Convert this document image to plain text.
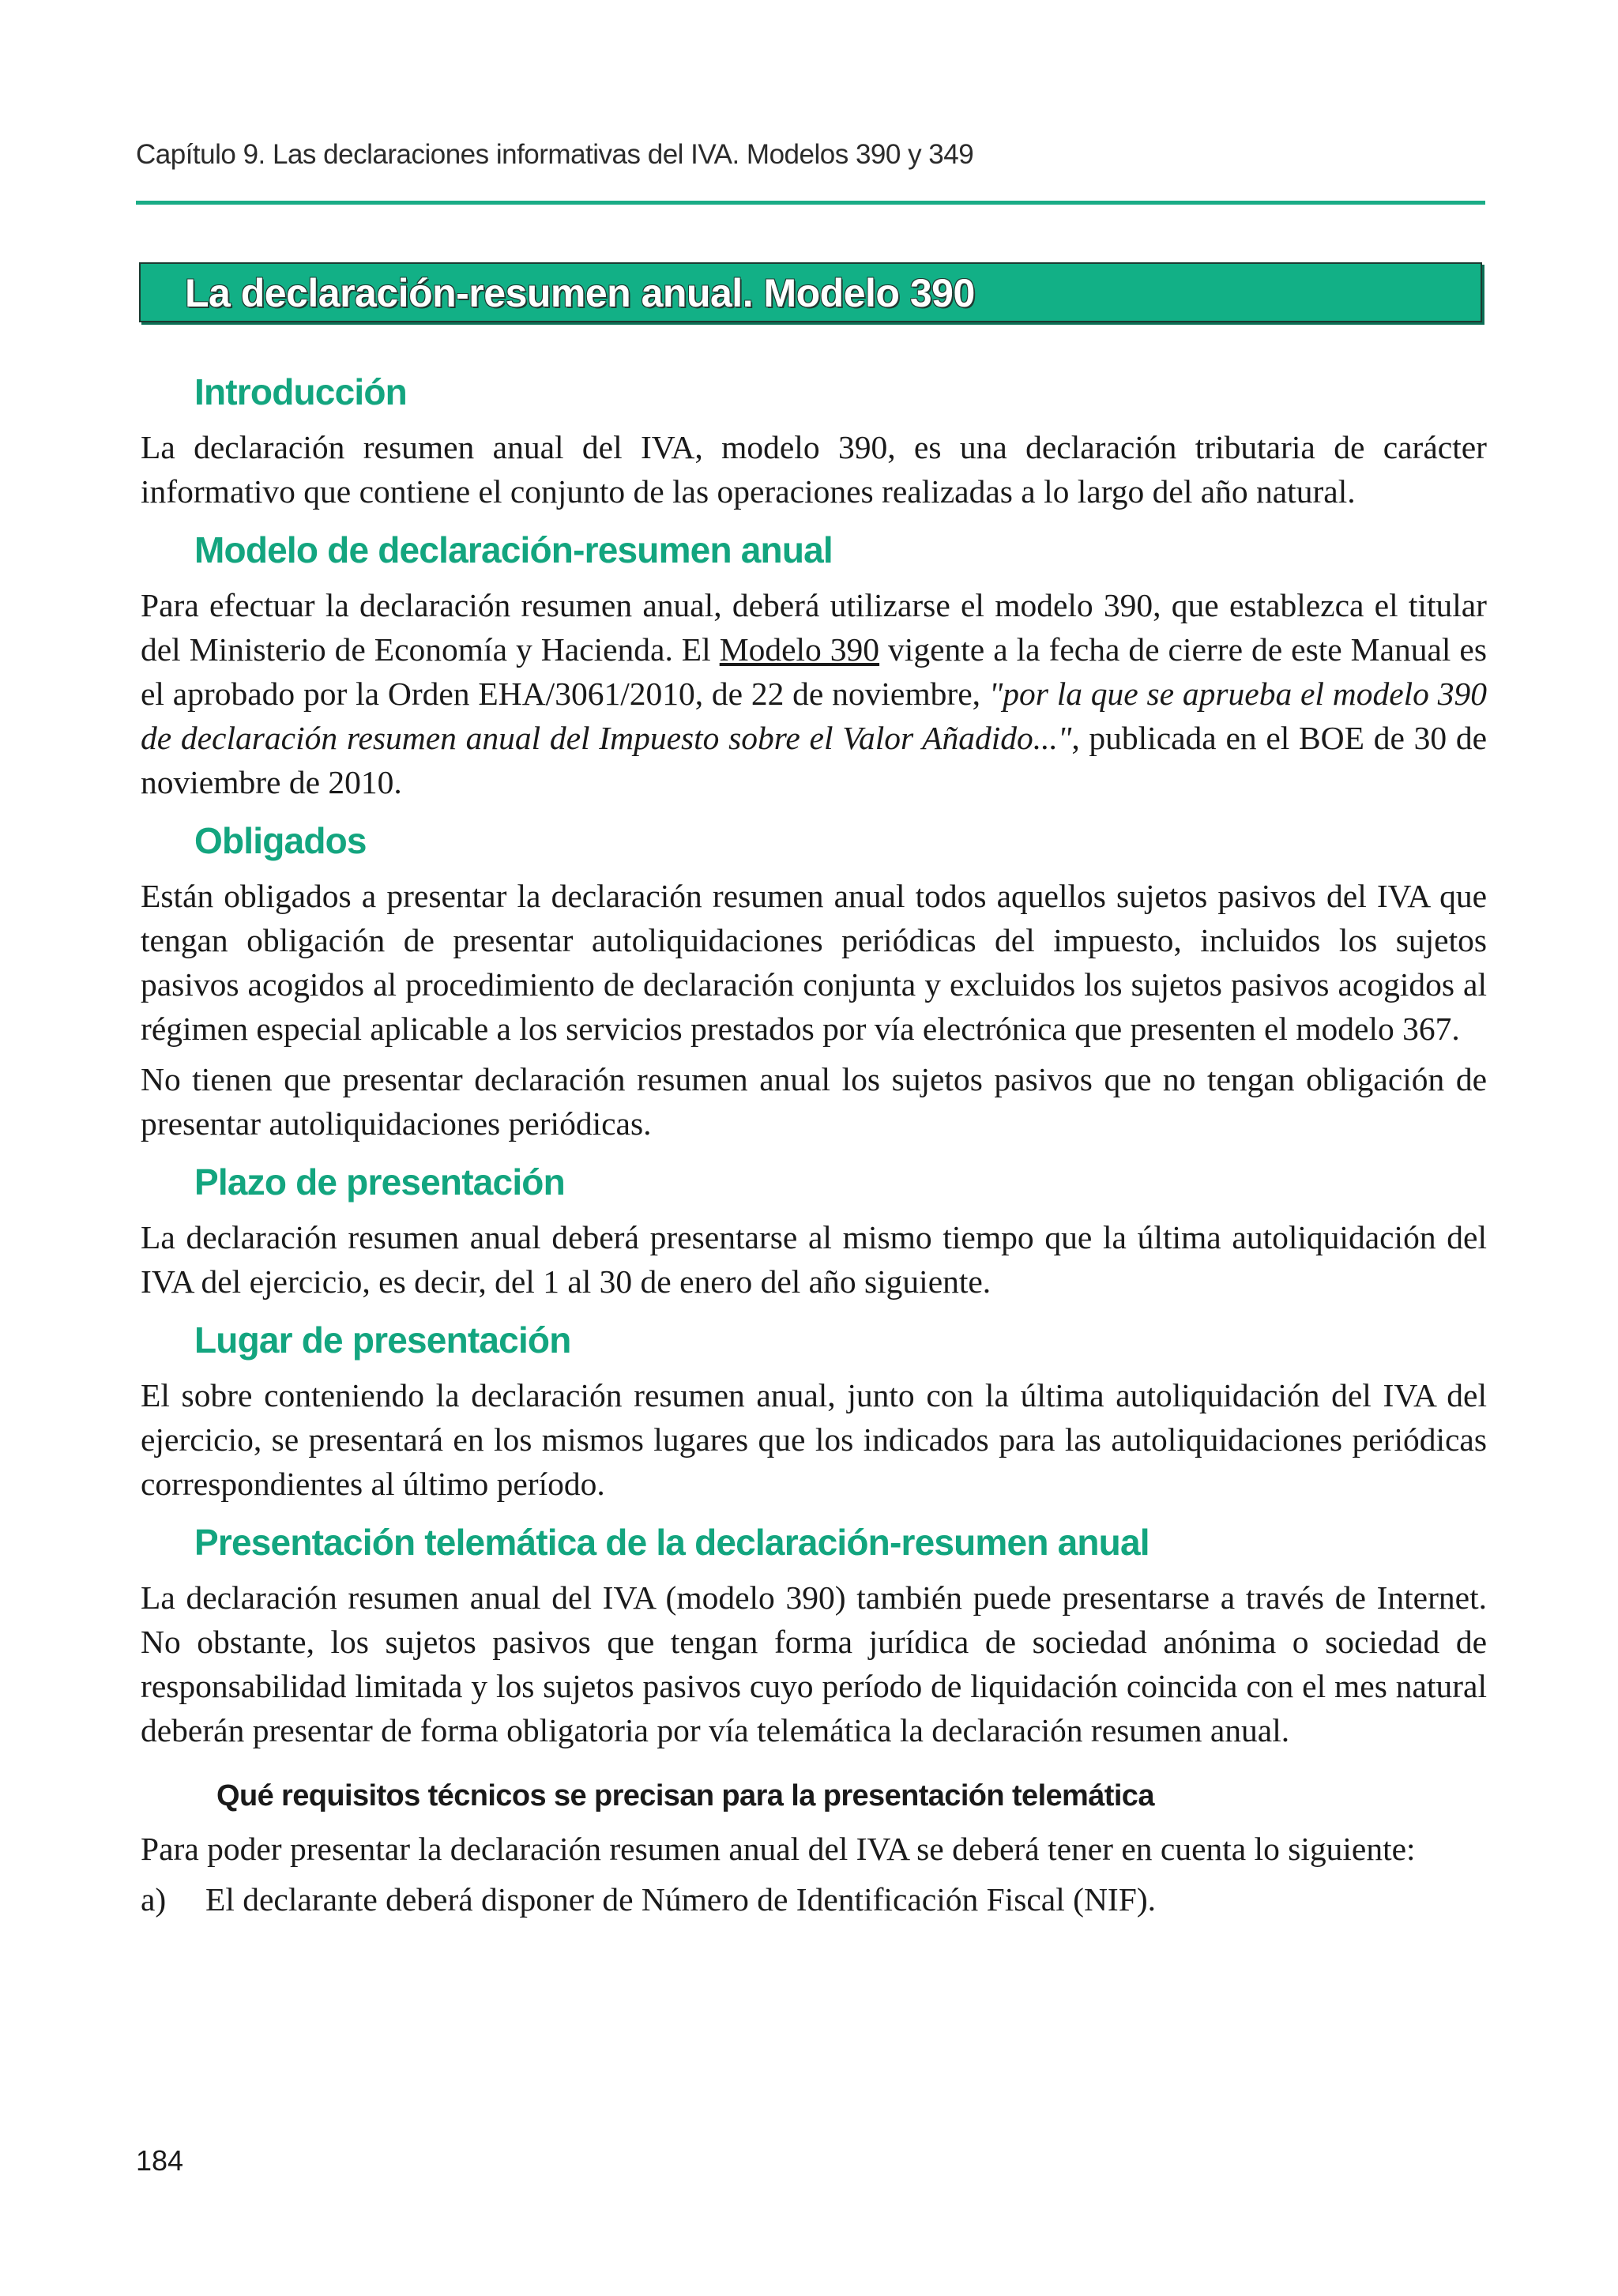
Capítulo 9. Las declaraciones informativas del IVA. Modelos 390 y 349
La declaración-resumen anual. Modelo 390
Introducción

La declaración resumen anual del IVA, modelo 390, es una declaración tributaria de carácter informativo que contiene el conjunto de las operaciones realizadas a lo largo del año natural.

Modelo de declaración-resumen anual

Para efectuar la declaración resumen anual, deberá utilizarse el modelo 390, que establezca el titular del Ministerio de Economía y Hacienda. El Modelo 390 vigente a la fecha de cierre de este Manual es el aprobado por la Orden EHA/3061/2010, de 22 de noviembre, "por la que se aprueba el modelo 390 de declaración resumen anual del Impuesto sobre el Valor Añadido...", publicada en el BOE de 30 de noviembre de 2010.

Obligados

Están obligados a presentar la declaración resumen anual todos aquellos sujetos pasivos del IVA que tengan obligación de presentar autoliquidaciones periódicas del impuesto, incluidos los sujetos pasivos acogidos al procedimiento de declaración conjunta y excluidos los sujetos pasivos acogidos al régimen especial aplicable a los servicios prestados por vía electrónica que presenten el modelo 367.

No tienen que presentar declaración resumen anual los sujetos pasivos que no tengan obligación de presentar autoliquidaciones periódicas.

Plazo de presentación

La declaración resumen anual deberá presentarse al mismo tiempo que la última autoliquidación del IVA del ejercicio, es decir, del 1 al 30 de enero del año siguiente.

Lugar de presentación

El sobre conteniendo la declaración resumen anual, junto con la última autoliquidación del IVA del ejercicio, se presentará en los mismos lugares que los indicados para las autoliquidaciones periódicas correspondientes al último período.

Presentación telemática de la declaración-resumen anual

La declaración resumen anual del IVA (modelo 390) también puede presentarse a través de Internet. No obstante, los sujetos pasivos que tengan forma jurídica de sociedad anónima o sociedad de responsabilidad limitada y los sujetos pasivos cuyo período de liquidación coincida con el mes natural deberán presentar de forma obligatoria por vía telemática la declaración resumen anual.

Qué requisitos técnicos se precisan para la presentación telemática

Para poder presentar la declaración resumen anual del IVA se deberá tener en cuenta lo siguiente:

a)	El declarante deberá disponer de Número de Identificación Fiscal (NIF).
184
